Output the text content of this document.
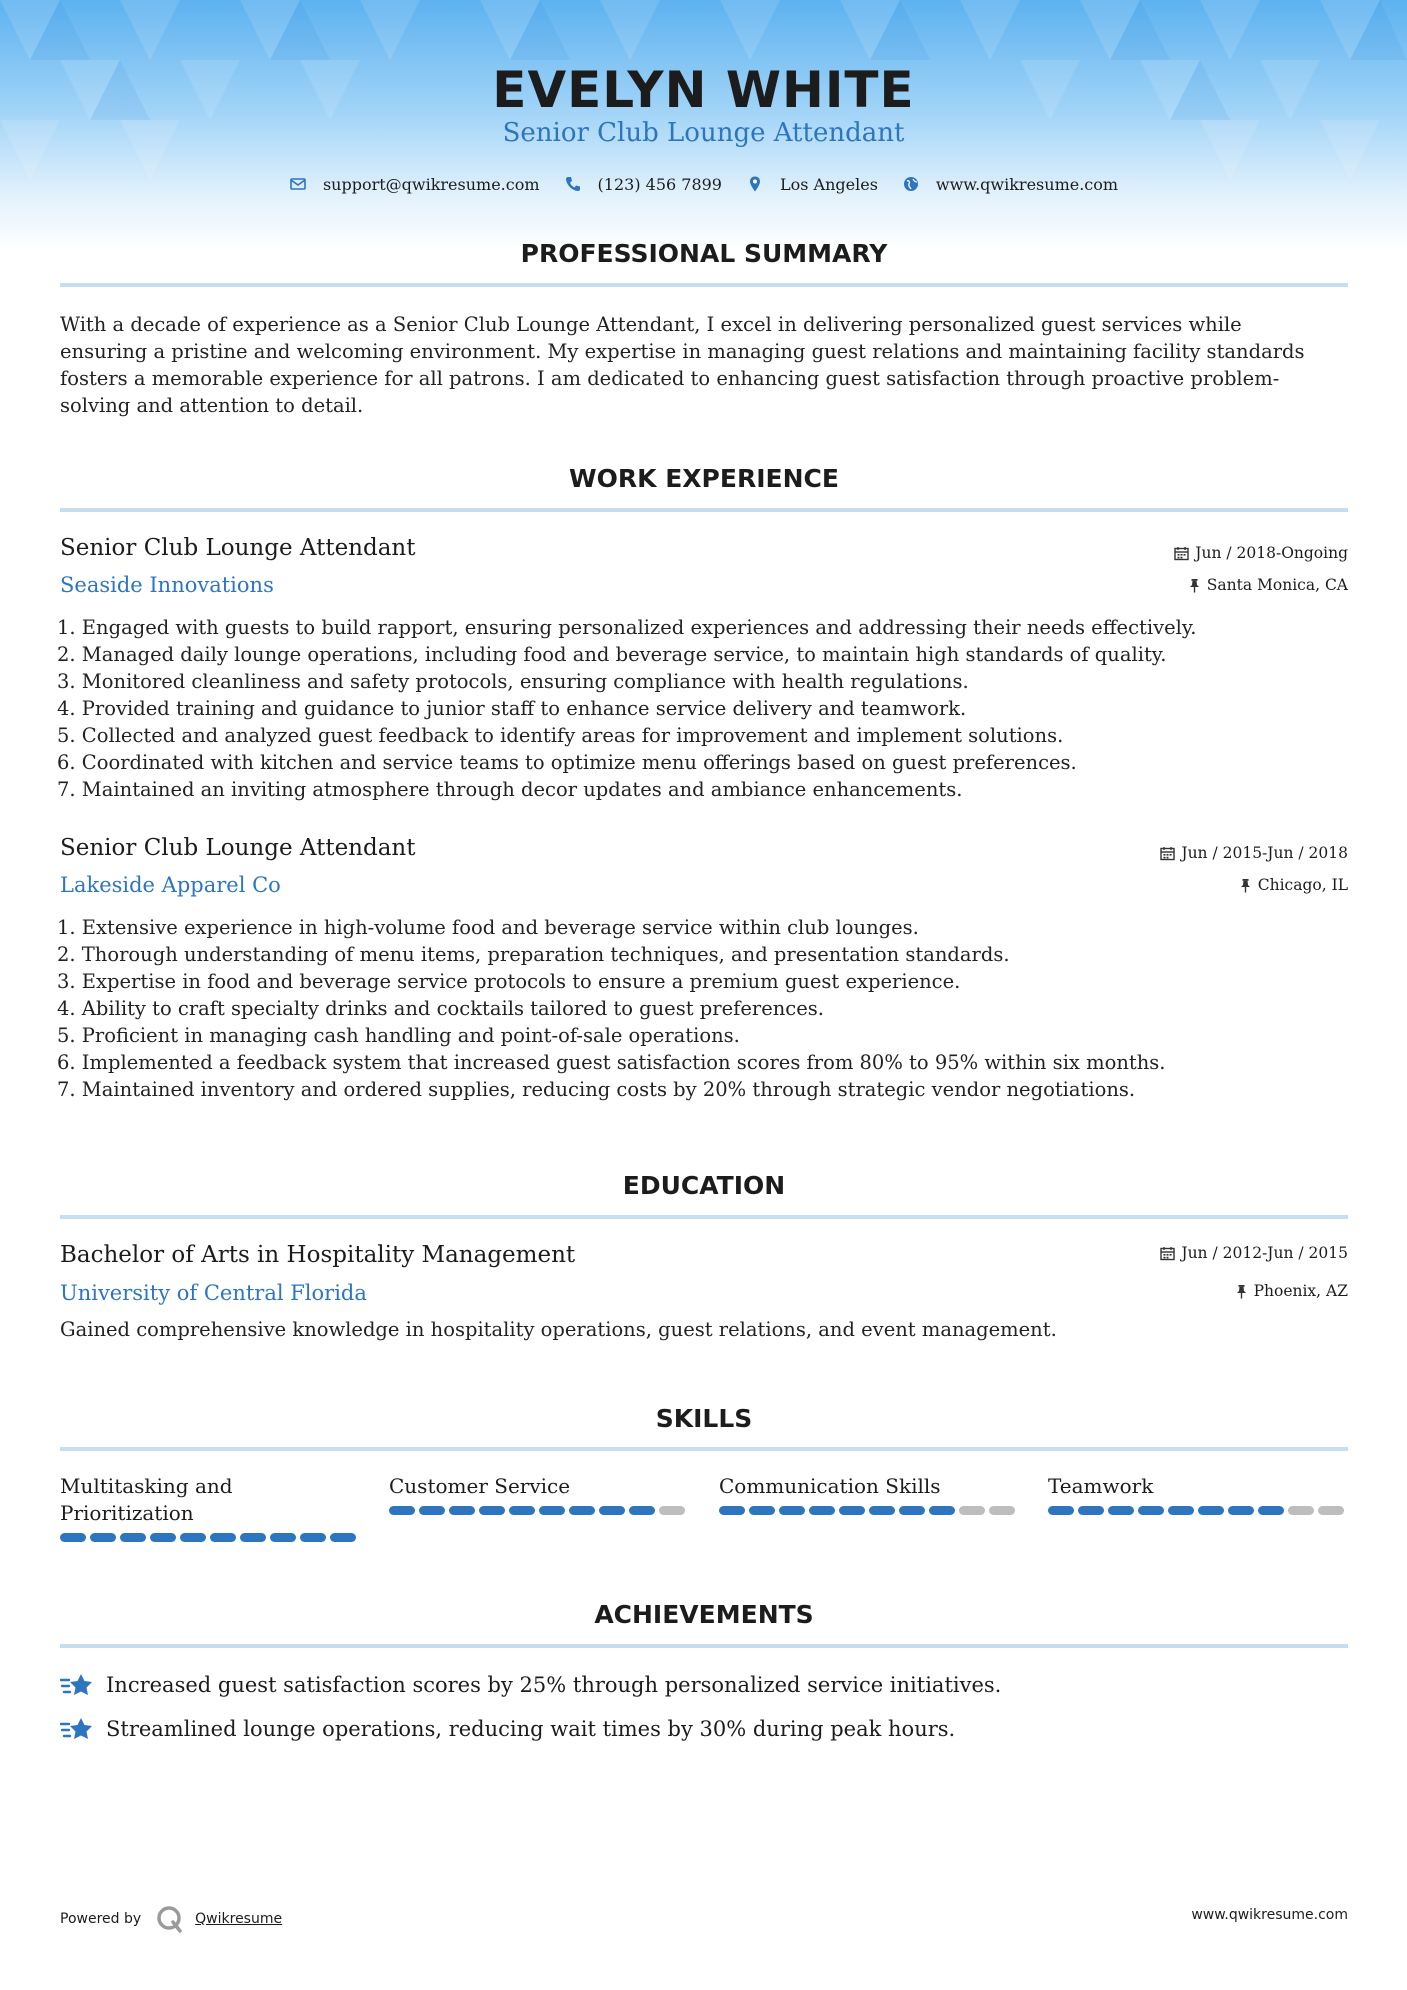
EVELYN WHITE
Senior Club Lounge Attendant
support@qwikresume.com	(123) 456 7899	Los Angeles	www.qwikresume.com
PROFESSIONAL SUMMARY
With a decade of experience as a Senior Club Lounge Attendant, I excel in delivering personalized guest services while
ensuring a pristine and welcoming environment. My expertise in managing guest relations and maintaining facility standards
fosters a memorable experience for all patrons. I am dedicated to enhancing guest satisfaction through proactive problem-
solving and attention to detail.
WORK EXPERIENCE
Senior Club Lounge Attendant
Seaside Innovations
Jun / 2018-Ongoing
Santa Monica, CA
1. Engaged with guests to build rapport, ensuring personalized experiences and addressing their needs effectively.
2. Managed daily lounge operations, including food and beverage service, to maintain high standards of quality.
3. Monitored cleanliness and safety protocols, ensuring compliance with health regulations.
4. Provided training and guidance to junior staff to enhance service delivery and teamwork.
5. Collected and analyzed guest feedback to identify areas for improvement and implement solutions.
6. Coordinated with kitchen and service teams to optimize menu offerings based on guest preferences.
7. Maintained an inviting atmosphere through decor updates and ambiance enhancements.
Senior Club Lounge Attendant
Lakeside Apparel Co
Jun / 2015-Jun / 2018
Chicago, IL
1. Extensive experience in high-volume food and beverage service within club lounges.
2. Thorough understanding of menu items, preparation techniques, and presentation standards.
3. Expertise in food and beverage service protocols to ensure a premium guest experience.
4. Ability to craft specialty drinks and cocktails tailored to guest preferences.
5. Proficient in managing cash handling and point-of-sale operations.
6. Implemented a feedback system that increased guest satisfaction scores from 80% to 95% within six months.
7. Maintained inventory and ordered supplies, reducing costs by 20% through strategic vendor negotiations.
EDUCATION
Bachelor of Arts in Hospitality Management
University of Central Florida
Jun / 2012-Jun / 2015
Phoenix, AZ
Gained comprehensive knowledge in hospitality operations, guest relations, and event management.
SKILLS
Multitasking and
Prioritization
Customer Service	Communication Skills	Teamwork
ACHIEVEMENTS
Increased guest satisfaction scores by 25% through personalized service initiatives.
Streamlined lounge operations, reducing wait times by 30% during peak hours.
Powered by	Qwikresume	www.qwikresume.com
